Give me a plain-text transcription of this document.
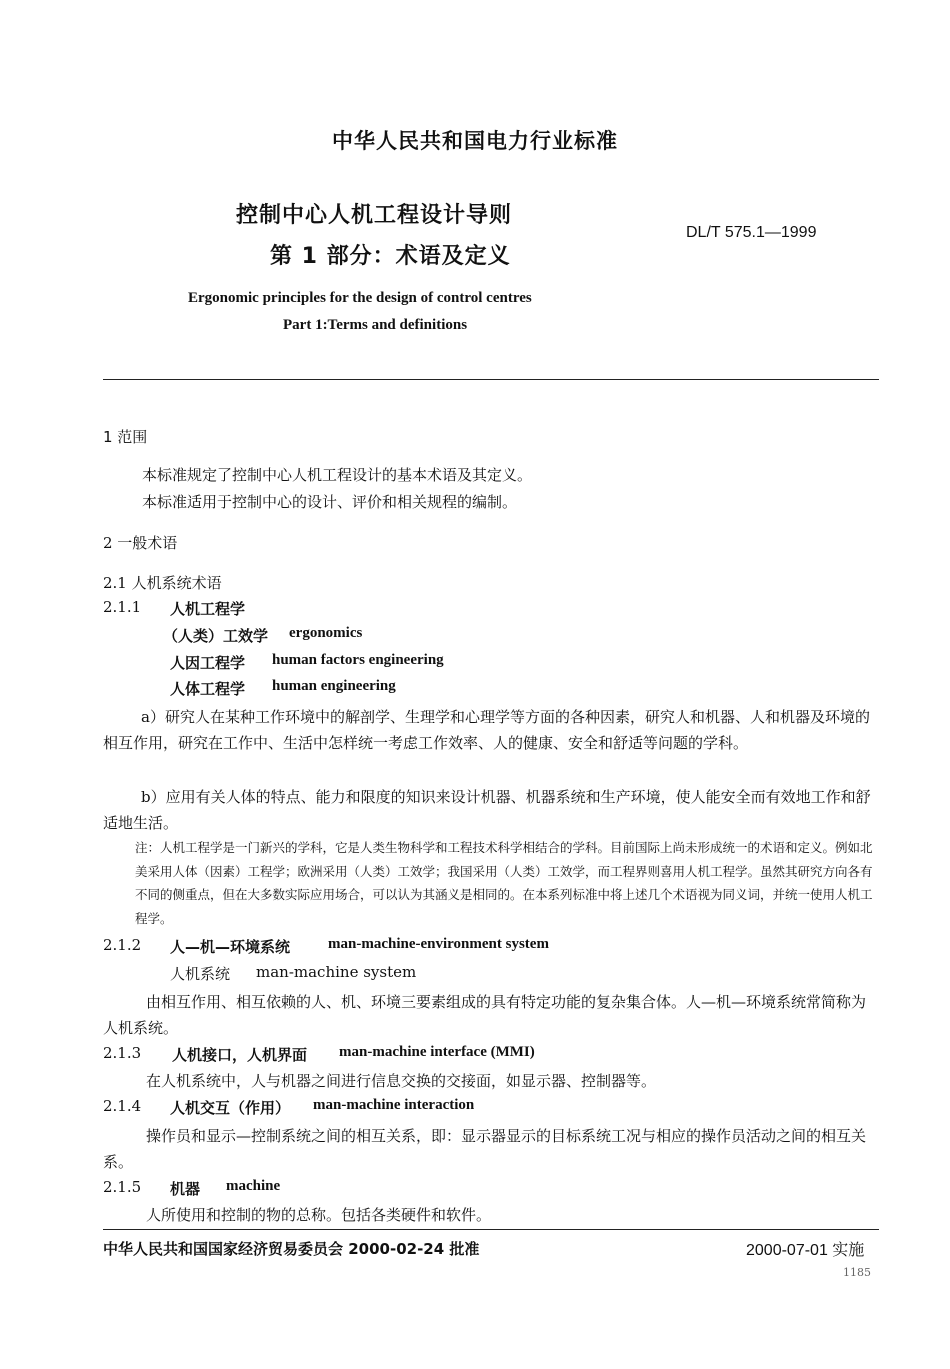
中华人民共和国电力行业标准
控制中心人机工程设计导则
第 1 部分：术语及定义
DL/T 575.1—1999
Ergonomic principles for the design of control centres
Part 1:Terms and definitions
1 范围
本标准规定了控制中心人机工程设计的基本术语及其定义。
本标准适用于控制中心的设计、评价和相关规程的编制。
2 一般术语
2.1 人机系统术语
2.1.1 人机工程学
（人类）工效学 ergonomics
人因工程学 human factors engineering
人体工程学 human engineering
a）研究人在某种工作环境中的解剖学、生理学和心理学等方面的各种因素，研究人和机器、人和机器及环境的相互作用，研究在工作中、生活中怎样统一考虑工作效率、人的健康、安全和舒适等问题的学科。
b）应用有关人体的特点、能力和限度的知识来设计机器、机器系统和生产环境，使人能安全而有效地工作和舒适地生活。
注：人机工程学是一门新兴的学科，它是人类生物科学和工程技术科学相结合的学科。目前国际上尚未形成统一的术语和定义。例如北美采用人体（因素）工程学；欧洲采用（人类）工效学；我国采用（人类）工效学，而工程界则喜用人机工程学。虽然其研究方向各有不同的侧重点，但在大多数实际应用场合，可以认为其涵义是相同的。在本系列标准中将上述几个术语视为同义词，并统一使用人机工程学。
2.1.2 人—机—环境系统	man-machine-environment system
人机系统 man-machine system
由相互作用、相互依赖的人、机、环境三要素组成的具有特定功能的复杂集合体。人—机—环境系统常简称为人机系统。
2.1.3 人机接口，人机界面 man-machine interface (MMI)
在人机系统中，人与机器之间进行信息交换的交接面，如显示器、控制器等。
2.1.4 人机交互（作用） man-machine interaction
操作员和显示—控制系统之间的相互关系，即：显示器显示的目标系统工况与相应的操作员活动之间的相互关系。
2.1.5 机器 machine
人所使用和控制的物的总称。包括各类硬件和软件。
中华人民共和国国家经济贸易委员会 2000-02-24 批准	2000-07-01 实施
1185
